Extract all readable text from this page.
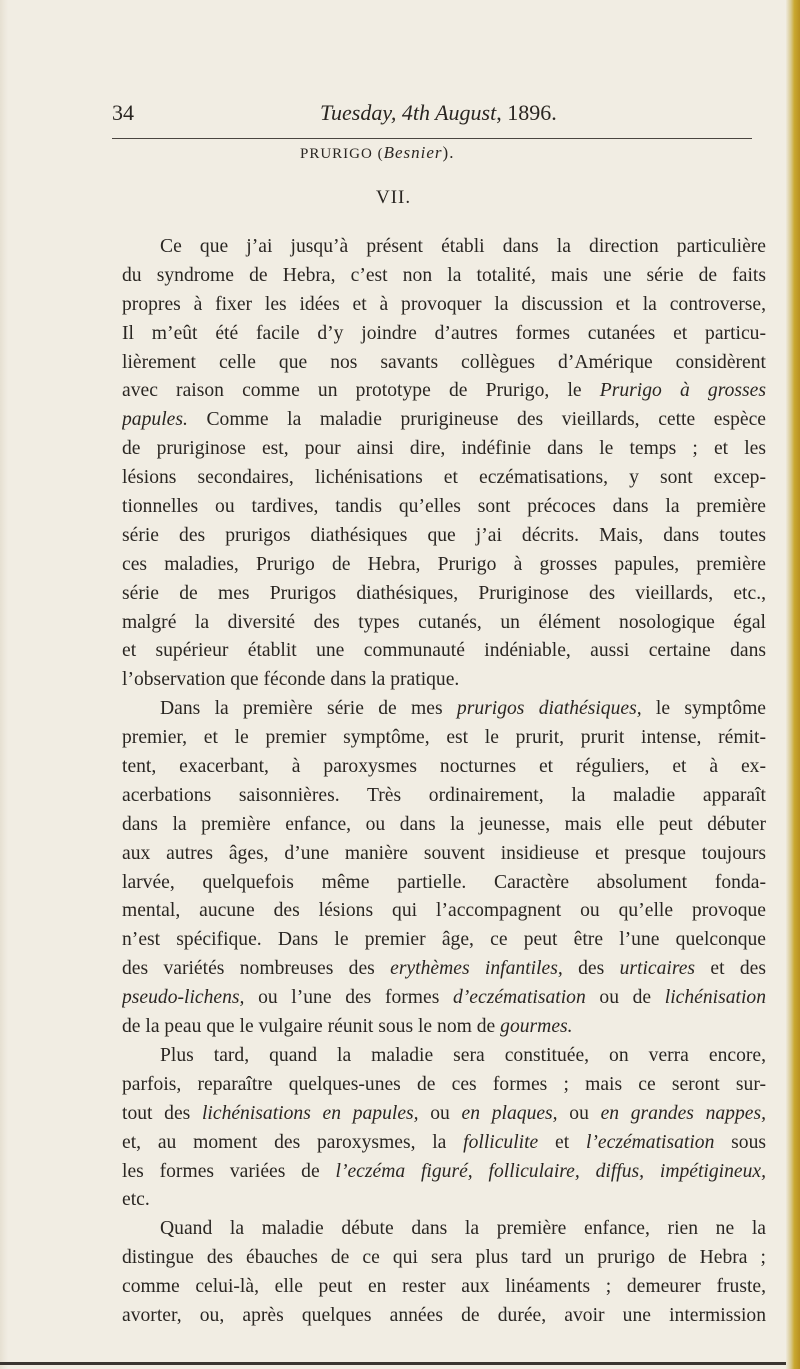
34	Tuesday, 4th August, 1896.
PRURIGO (Besnier).
VII.
Ce que j’ai jusqu’à présent établi dans la direction particulière
du syndrome de Hebra, c’est non la totalité, mais une série de faits
propres à fixer les idées et à provoquer la discussion et la controverse,
Il m’eût été facile d’y joindre d’autres formes cutanées et particu-
lièrement celle que nos savants collègues d’Amérique considèrent
avec raison comme un prototype de Prurigo, le Prurigo à grosses
papules. Comme la maladie prurigineuse des vieillards, cette espèce
de pruriginose est, pour ainsi dire, indéfinie dans le temps ; et les
lésions secondaires, lichénisations et eczématisations, y sont excep-
tionnelles ou tardives, tandis qu’elles sont précoces dans la première
série des prurigos diathésiques que j’ai décrits. Mais, dans toutes
ces maladies, Prurigo de Hebra, Prurigo à grosses papules, première
série de mes Prurigos diathésiques, Pruriginose des vieillards, etc.,
malgré la diversité des types cutanés, un élément nosologique égal
et supérieur établit une communauté indéniable, aussi certaine dans
l’observation que féconde dans la pratique.
Dans la première série de mes prurigos diathésiques, le symptôme
premier, et le premier symptôme, est le prurit, prurit intense, rémit-
tent, exacerbant, à paroxysmes nocturnes et réguliers, et à ex-
acerbations saisonnières. Très ordinairement, la maladie apparaît
dans la première enfance, ou dans la jeunesse, mais elle peut débuter
aux autres âges, d’une manière souvent insidieuse et presque toujours
larvée, quelquefois même partielle. Caractère absolument fonda-
mental, aucune des lésions qui l’accompagnent ou qu’elle provoque
n’est spécifique. Dans le premier âge, ce peut être l’une quelconque
des variétés nombreuses des erythèmes infantiles, des urticaires et des
pseudo-lichens, ou l’une des formes d’eczématisation ou de lichénisation
de la peau que le vulgaire réunit sous le nom de gourmes.
Plus tard, quand la maladie sera constituée, on verra encore,
parfois, reparaître quelques-unes de ces formes ; mais ce seront sur-
tout des lichénisations en papules, ou en plaques, ou en grandes nappes,
et, au moment des paroxysmes, la folliculite et l’eczématisation sous
les formes variées de l’eczéma figuré, folliculaire, diffus, impétigineux,
etc.
Quand la maladie débute dans la première enfance, rien ne la
distingue des ébauches de ce qui sera plus tard un prurigo de Hebra ;
comme celui-là, elle peut en rester aux linéaments ; demeurer fruste,
avorter, ou, après quelques années de durée, avoir une intermission
